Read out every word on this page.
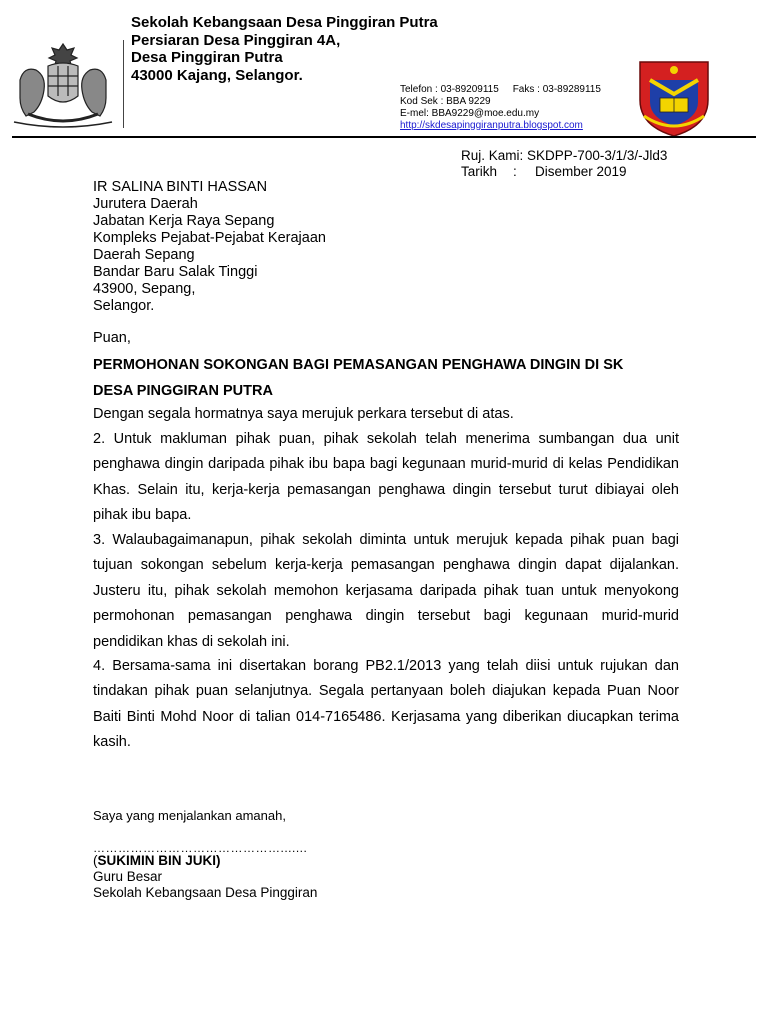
Sekolah Kebangsaan Desa Pinggiran Putra
Persiaran Desa Pinggiran 4A,
Desa Pinggiran Putra
43000 Kajang, Selangor.
Telefon : 03-89209115 Faks : 03-89289115
Kod Sek : BBA 9229
E-mel: BBA9229@moe.edu.my
http://skdesapinggiranputra.blogspot.com
Ruj. Kami: SKDPP-700-3/1/3/-Jld3
Tarikh : Disember 2019
IR SALINA BINTI HASSAN
Jurutera Daerah
Jabatan Kerja Raya Sepang
Kompleks Pejabat-Pejabat Kerajaan
Daerah Sepang
Bandar Baru Salak Tinggi
43900, Sepang,
Selangor.
Puan,
PERMOHONAN SOKONGAN BAGI PEMASANGAN PENGHAWA DINGIN DI SK
DESA PINGGIRAN PUTRA
Dengan segala hormatnya saya merujuk perkara tersebut di atas.
2. Untuk makluman pihak puan, pihak sekolah telah menerima sumbangan dua unit penghawa dingin daripada pihak ibu bapa bagi kegunaan murid-murid di kelas Pendidikan Khas. Selain itu, kerja-kerja pemasangan penghawa dingin tersebut turut dibiayai oleh pihak ibu bapa.
3. Walaubagaimanapun, pihak sekolah diminta untuk merujuk kepada pihak puan bagi tujuan sokongan sebelum kerja-kerja pemasangan penghawa dingin dapat dijalankan. Justeru itu, pihak sekolah memohon kerjasama daripada pihak tuan untuk menyokong permohonan pemasangan penghawa dingin tersebut bagi kegunaan murid-murid pendidikan khas di sekolah ini.
4. Bersama-sama ini disertakan borang PB2.1/2013 yang telah diisi untuk rujukan dan tindakan pihak puan selanjutnya. Segala pertanyaan boleh diajukan kepada Puan Noor Baiti Binti Mohd Noor di talian 014-7165486. Kerjasama yang diberikan diucapkan terima kasih.
Saya yang menjalankan amanah,
……………………………………….......
(SUKIMIN BIN JUKI)
Guru Besar
Sekolah Kebangsaan Desa Pinggiran
